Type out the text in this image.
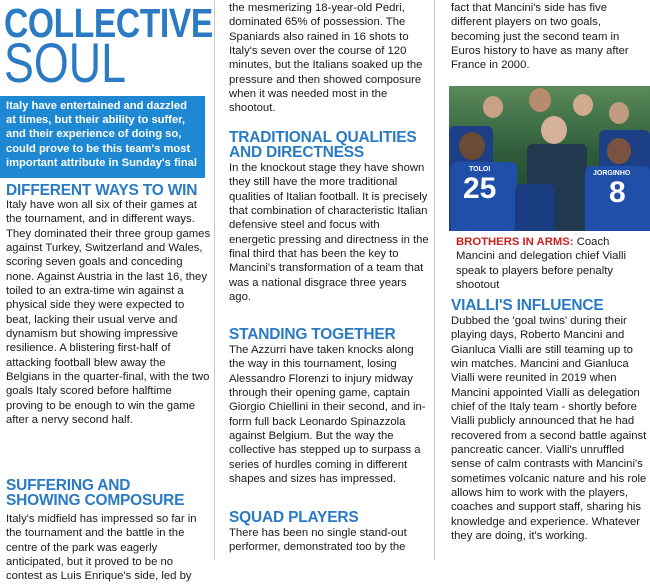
COLLECTIVE
SOUL
Italy have entertained and dazzled at times, but their ability to suffer, and their experience of doing so, could prove to be this team's most important attribute in Sunday's final
DIFFERENT WAYS TO WIN
Italy have won all six of their games at the tournament, and in different ways. They dominated their three group games against Turkey, Switzerland and Wales, scoring seven goals and conceding none. Against Austria in the last 16, they toiled to an extra-time win against a physical side they were expected to beat, lacking their usual verve and dynamism but showing impressive resilience. A blistering first-half of attacking football blew away the Belgians in the quarter-final, with the two goals Italy scored before halftime proving to be enough to win the game after a nervy second half.
SUFFERING AND SHOWING COMPOSURE
Italy's midfield has impressed so far in the tournament and the battle in the centre of the park was eagerly anticipated, but it proved to be no contest as Luis Enrique's side, led by
the mesmerizing 18-year-old Pedri, dominated 65% of possession. The Spaniards also rained in 16 shots to Italy's seven over the course of 120 minutes, but the Italians soaked up the pressure and then showed composure when it was needed most in the shootout.
TRADITIONAL QUALITIES AND DIRECTNESS
In the knockout stage they have shown they still have the more traditional qualities of Italian football. It is precisely that combination of characteristic Italian defensive steel and focus with energetic pressing and directness in the final third that has been the key to Mancini's transformation of a team that was a national disgrace three years ago.
STANDING TOGETHER
The Azzurri have taken knocks along the way in this tournament, losing Alessandro Florenzi to injury midway through their opening game, captain Giorgio Chiellini in their second, and in-form full back Leonardo Spinazzola against Belgium. But the way the collective has stepped up to surpass a series of hurdles coming in different shapes and sizes has impressed.
SQUAD PLAYERS
There has been no single stand-out performer, demonstrated too by the
fact that Mancini's side has five different players on two goals, becoming just the second team in Euros history to have as many after France in 2000.
TOLOI
25	JORGINHO
8
BROTHERS IN ARMS: Coach Mancini and delegation chief Vialli speak to players before penalty shootout
VIALLI'S INFLUENCE
Dubbed the 'goal twins' during their playing days, Roberto Mancini and Gianluca Vialli are still teaming up to win matches. Mancini and Gianluca Vialli were reunited in 2019 when Mancini appointed Vialli as delegation chief of the Italy team - shortly before Vialli publicly announced that he had recovered from a second battle against pancreatic cancer. Vialli's unruffled sense of calm contrasts with Mancini's sometimes volcanic nature and his role allows him to work with the players, coaches and support staff, sharing his knowledge and experience. Whatever they are doing, it's working.
